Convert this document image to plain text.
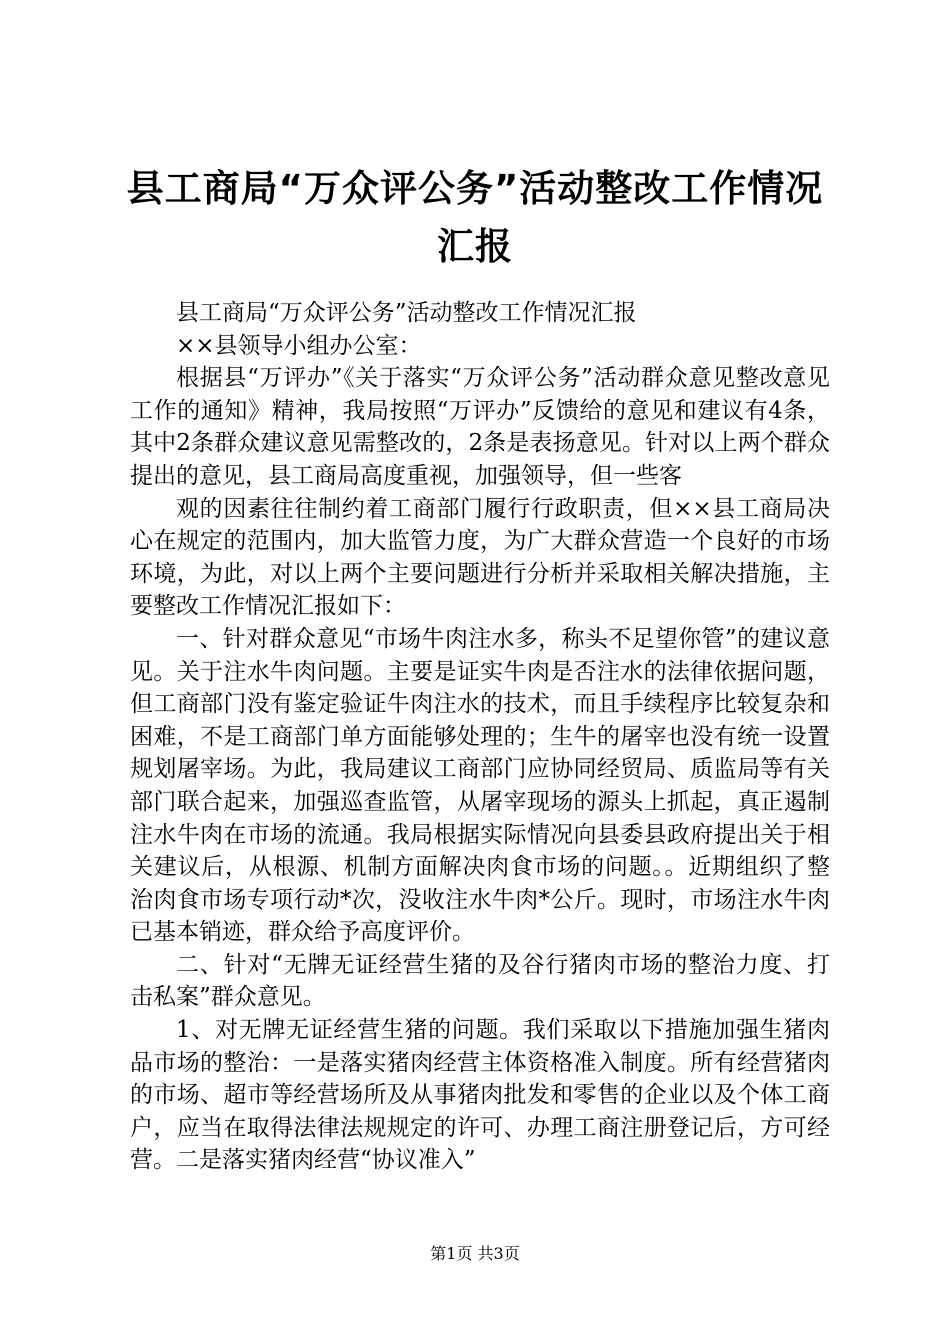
县工商局“万众评公务”活动整改工作情况汇报

县工商局“万众评公务”活动整改工作情况汇报

××县领导小组办公室：

根据县“万评办”《关于落实“万众评公务”活动群众意见整改意见工作的通知》精神，我局按照“万评办”反馈给的意见和建议有4条，其中2条群众建议意见需整改的，2条是表扬意见。针对以上两个群众提出的意见，县工商局高度重视，加强领导，但一些客

观的因素往往制约着工商部门履行行政职责，但××县工商局决心在规定的范围内，加大监管力度，为广大群众营造一个良好的市场环境，为此，对以上两个主要问题进行分析并采取相关解决措施，主要整改工作情况汇报如下：

一、针对群众意见“市场牛肉注水多，称头不足望你管”的建议意见。关于注水牛肉问题。主要是证实牛肉是否注水的法律依据问题，但工商部门没有鉴定验证牛肉注水的技术，而且手续程序比较复杂和困难，不是工商部门单方面能够处理的；生牛的屠宰也没有统一设置规划屠宰场。为此，我局建议工商部门应协同经贸局、质监局等有关部门联合起来，加强巡查监管，从屠宰现场的源头上抓起，真正遏制注水牛肉在市场的流通。我局根据实际情况向县委县政府提出关于相关建议后，从根源、机制方面解决肉食市场的问题。。近期组织了整治肉食市场专项行动*次，没收注水牛肉*公斤。现时，市场注水牛肉已基本销迹，群众给予高度评价。

二、针对“无牌无证经营生猪的及谷行猪肉市场的整治力度、打击私案”群众意见。

1、对无牌无证经营生猪的问题。我们采取以下措施加强生猪肉品市场的整治：一是落实猪肉经营主体资格准入制度。所有经营猪肉的市场、超市等经营场所及从事猪肉批发和零售的企业以及个体工商户，应当在取得法律法规规定的许可、办理工商注册登记后，方可经营。二是落实猪肉经营“协议准入”

第1页 共3页
